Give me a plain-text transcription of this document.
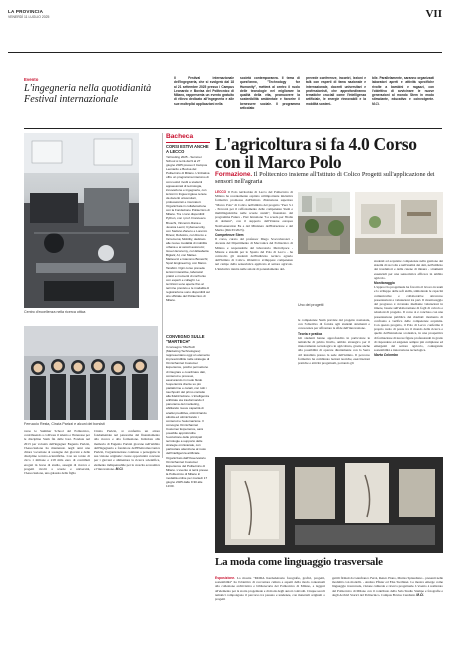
LA PROVINCIA
VENERDÌ 11 LUGLIO 2025	VII
Evento
L'ingegneria nella quotidianità Festival internazionale
Il Festival internazionale dell'Ingegneria, che si svolgerà dal 18 al 21 settembre 2025 presso i Campus Leonardo e Bovisa del Politecnico di Milano, rappresenta un evento gratuito di rilievo dedicato all'ingegneria e alle sue molteplici applicazioni nella
società contemporanea. Il tema di quest'anno, "Technology for Humanity", metterà al centro il ruolo delle tecnologie nel migliorare la qualità della vita, promuovere la sostenibilità ambientale e favorire il benessere sociale. Il programma articolato
prevede conferenze, incontri, lezioni e talk con esperti di fama nazionale e internazionale, docenti universitari e professionisti, che approfondiranno tematiche cruciali come l'intelligenza artificiale, le energie rinnovabili e la mobilità sosteni-
bile. Parallelamente, saranno organizzati laboratori aperti e attività specifiche rivolte a bambini e ragazzi, con l'obiettivo di avvicinare le nuove generazioni al mondo Stem in modo stimolante, educativo e coinvolgente. M.Ci.
Centro d'eccellenza nella ricerca ottica
Bacheca
CORSI ESTIVI ANCHE A LECCO
Ya!Coding 2025 - Summer School si terrà dal 9 al 27 giugno 2025 presso il Campus Leonardo e Bovisa del Politecnico di Milano. L'iniziativa offre un programma intensivo di corsi estivi rivolti a studenti appassionati di tecnologia, innovazione e ingegneria, con lezioni in lingua inglese tenute da docenti universitari, professionisti e ricercatori. Organizzata in collaborazione con la Fondazione Politecnico di Milano. Tra i corsi disponibili: Python, con i prof. Francesco Bruschi, Vincenzo Rana e Jessica Leoni; Cybersecurity, con Stefano Zanero e Lorenzo Binosi; Robotics, con Rocco e Incremona; Mobility, dedicato alle nuove modalità di mobilità urbana e ai veicoli autonomi; Green Economy, con Elisabetta Bigiani; AI, con Matteo Matteucci e Giacomo Boracchi; Sport Engineering, con Marco Tarabini. Ogni corso prevede lezioni interattive, laboratori pratici e momenti di confronto con esperti e colleghi. Le iscrizioni sono aperte fino al termine previsto e le modalità di registrazione sono disponibili sul sito ufficiale del Politecnico di Milano.
CONVEGNO SULLE "MARTECH"
Il convegno "MarTech (Marketing Technologies): rappresentano oggi un elemento imprescindibile nelle strategie di Omnichannel Customer Experience, poiché permettono di integrare e coordinare dati, contenuti e processi, assicurando in modo fluido l'esperienza cliente su più piattaforme e canali, con tutti i touchpoint del primo contatto alla fidelizzazione. L'intelligenza artificiale sta trasformando il panorama del marketing, abilitando nuove capacità di analisi predittiva, ottimizzando attività ed ottimizzando i contenuti e l'automazione. Il convegno Omnichannel Customer Experience, sarà possibile approfondire l'evoluzione delle principali tecnologie a supporto delle strategie omnicanale, con particolare attenzione al ruolo dell'intelligenza artificiale. Organizzato dall'Osservatorio Omnichannel Customer Experience del Politecnico di Milano. L'evento si terrà presso la Politecnico di Milano in modalità online per martedì 17 giugno 2025 dalle 9:30 alle 13:00.
L'agricoltura si fa 4.0 Corso con il Marco Polo
Formazione. Il Politecnico insieme all'Istituto di Colico Progetti sull'applicazione dei sensori nell'agraria
LECCO Il Polo territoriale di Lecco del Politecnico di Milano ha recentemente ospitato un'importante iniziativa formativa promossa dall'Istituto d'istruzione superiore "Marco Polo" di Colico nell'ambito del progetto "Peer 3.1 - Percorsi per il rafforzamento delle competenze Stem e multilinguistiche nelle scuole statali", finanziato dal programma Futura - Pnrr Istruzione "La scuola per l'Italia di domani", con il supporto dell'Unione europea NextGeneration Eu e del Ministero dell'Istruzione e del Merito (Dm 65/2023).
Competenze Stem
Il corso, curato dal professor Diego Scaccabarozzi - docente del Dipartimento di Meccanica del Politecnico di Milano e responsabile del laboratorio MetroSpace - Misure e sistemi per lo Spazio del Polo di Lecco - ha coinvolto gli studenti dell'indirizzo tecnico agrario dell'Istituto di Colico. Obiettivo: sviluppare competenze nel campo della sensoristica applicata al settore agricolo. L'iniziativa rientra nelle azioni di potenziamento del-
Uno dei progetti
le competenze Stem previste dal progetto nazionale, con l'obiettivo di fornire agli studenti strumenti e conoscenze per affrontare le sfide dell'innovazione.
Teoria e pratica
Gli studenti hanno approfondito in particolare le tematiche di primo livello, ambito strategico per il rinnovamento tecnologico in agricoltura, grazie anche alla possibilità di operare direttamente con la Serra 4.0 installata presso la sede dell'istituto. Il percorso formativo ha combinato lezioni teoriche, esercitazioni pratiche e attività progettuali, portando gli
studenti ad acquisire competenze nella gestione dei sistemi di raccolta e nell'analisi dei dati, nell'utilizzo dei trasduttori e delle catene di misura - strumenti essenziali per una sensoristica efficace in ambito agricolo.
Monitoraggio
L'approccio progettuale ha favorito il lavoro in team e lo sviluppo delle soft skills, stimolando le capacità comunicative e collaborative attraverso presentazioni e valutazioni tra pari. Il monitoraggio del progresso è avvenuto mediante valutazioni in itinere, basate sull'elaborazione di fogli di calcolo e relazioni di progetto. Il corso si è concluso con una presentazione pubblica dei risultati: momento di confronto e verifica delle competenze acquisite. Con questo progetto, il Polo di Lecco conferma il proprio ruolo di ponte tra il mondo della ricerca e quello dell'istruzione scolastica, in una prospettiva di formazione di nuove figure professionali in grado di rispondere ad esigenze sempre più complesse ed emergenti del settore agricolo, coniugando sostenibilità e innovazione tecnologica.
Marta Colombo
Ferruccio Resta, Cinzia Parizzi e alcuni dei borsisti
verso le Summer School del Politecnico, contribuendo a coltivare il talento e l'interesse per le discipline Stem fin dalle basi. Fondata nel 2013 per volontà dell'ingegner Eugenio Parizzi, l'Associazione ha mantenuto negli anni una chiara vocazione al sostegno dei giovani e delle discipline tecnico-scientifiche. Con un totale di circa 1 milione e 218 mila euro di contributi erogati in borse di studio, assegni di ricerca e progetti rivolti a scuole e università, l'Associazione, una galassia della figlia
Cinzia Parizzi, si conferma un attore fondamentale nel panorama del finanziamento alla ricerca e alla formazione. Intitolata alla memoria di Eugenio Parizzi giovane nell'ambito dell'Ingegneria e fondatore dell'Elettromeccanica Parizzi, l'organizzazione continua a perseguire la sua visione originale: creare opportunità concrete per i giovani e alimentare la ricerca scientifica, elemento indispensabile per la crescita economica e l'innovazione. M.Ci.
La moda come linguaggio trasversale
Esposizione. La mostra "MODA Kerdedetrazio fotografie, grafici, progetti, sostenibilità" ha l'obiettivo di raccontare cultura e aspetti della moda contestuali alla collezione archivistica e bibliotecaria del Politecnico di Milano, e leggeri all'elemento per la storia progettuale e di moda degli autori coinvolti. Cinque secoli tematici compongono il percorso tra passato e tendenze, con materiali originali o progetti
gettili firmati da Gianfranco Ferré, Renzo Piano, Marisa Spiaudiano - presenti nelle modalità con modelli- - Andrea Pfister ed Elsa Sterbinet. La mostra emerge come linguaggio trasversale, visione culturale e ricerca progettuale. L'evento è realizzato dal Politecnico di Milano con il contributo della Sala Studio Stampe e fotografie e degli Archivi Storici del Politecnico. Campus Bovisa Candiani. M.Ci.
